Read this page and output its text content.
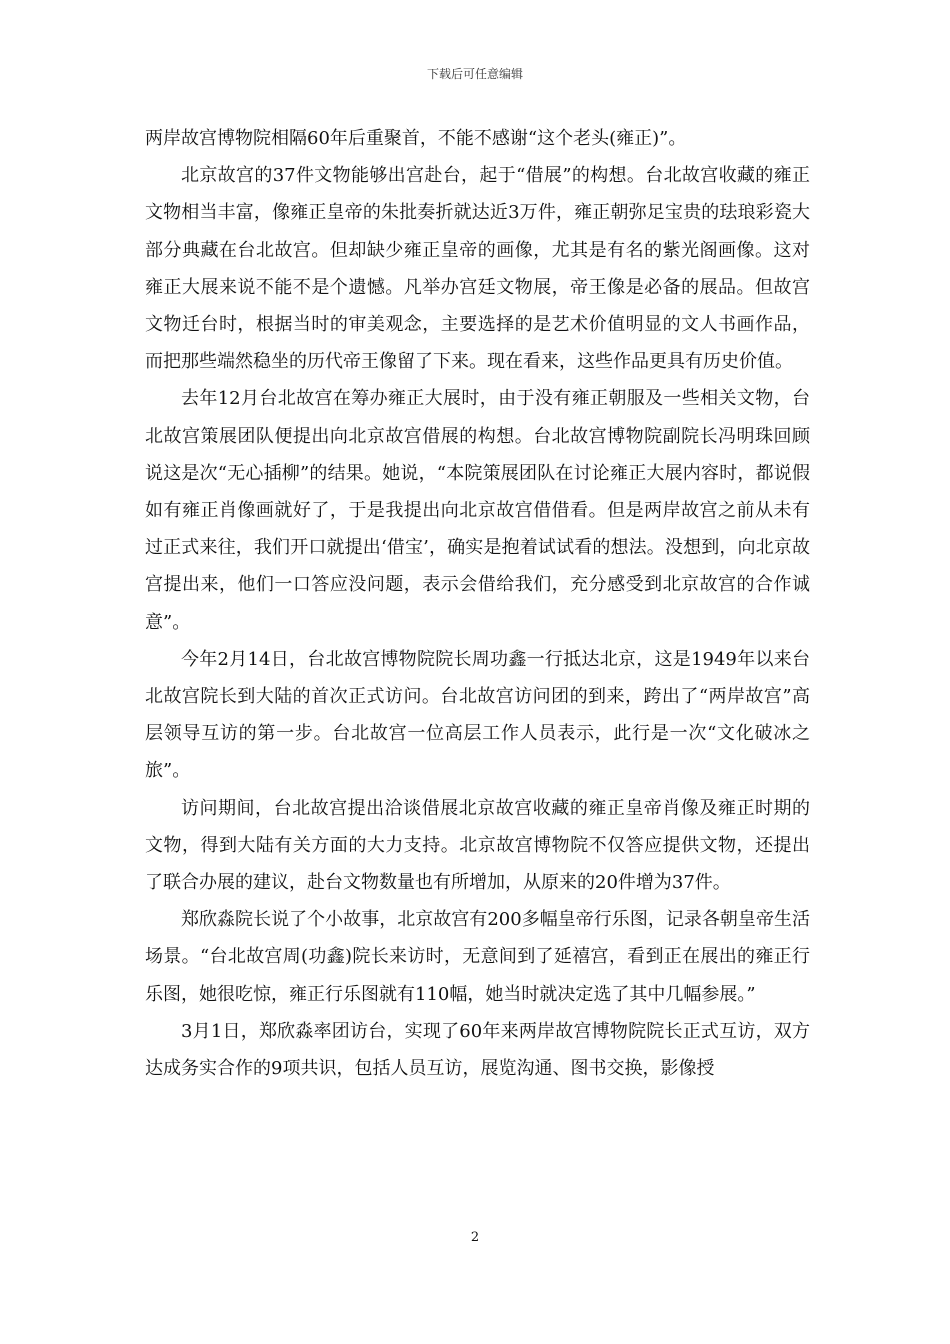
下载后可任意编辑

两岸故宫博物院相隔60年后重聚首，不能不感谢“这个老头(雍正)”。

北京故宫的37件文物能够出宫赴台，起于“借展”的构想。台北故宫收藏的雍正文物相当丰富，像雍正皇帝的朱批奏折就达近3万件，雍正朝弥足宝贵的珐琅彩瓷大部分典藏在台北故宫。但却缺少雍正皇帝的画像，尤其是有名的紫光阁画像。这对雍正大展来说不能不是个遗憾。凡举办宫廷文物展，帝王像是必备的展品。但故宫文物迁台时，根据当时的审美观念，主要选择的是艺术价值明显的文人书画作品，而把那些端然稳坐的历代帝王像留了下来。现在看来，这些作品更具有历史价值。

去年12月台北故宫在筹办雍正大展时，由于没有雍正朝服及一些相关文物，台北故宫策展团队便提出向北京故宫借展的构想。台北故宫博物院副院长冯明珠回顾说这是次“无心插柳”的结果。她说，“本院策展团队在讨论雍正大展内容时，都说假如有雍正肖像画就好了，于是我提出向北京故宫借借看。但是两岸故宫之前从未有过正式来往，我们开口就提出‘借宝’，确实是抱着试试看的想法。没想到，向北京故宫提出来，他们一口答应没问题，表示会借给我们，充分感受到北京故宫的合作诚意”。

今年2月14日，台北故宫博物院院长周功鑫一行抵达北京，这是1949年以来台北故宫院长到大陆的首次正式访问。台北故宫访问团的到来，跨出了“两岸故宫”高层领导互访的第一步。台北故宫一位高层工作人员表示，此行是一次“文化破冰之旅”。

访问期间，台北故宫提出洽谈借展北京故宫收藏的雍正皇帝肖像及雍正时期的文物，得到大陆有关方面的大力支持。北京故宫博物院不仅答应提供文物，还提出了联合办展的建议，赴台文物数量也有所增加，从原来的20件增为37件。

郑欣淼院长说了个小故事，北京故宫有200多幅皇帝行乐图，记录各朝皇帝生活场景。“台北故宫周(功鑫)院长来访时，无意间到了延禧宫，看到正在展出的雍正行乐图，她很吃惊，雍正行乐图就有110幅，她当时就决定选了其中几幅参展。”

3月1日，郑欣淼率团访台，实现了60年来两岸故宫博物院院长正式互访，双方达成务实合作的9项共识，包括人员互访，展览沟通、图书交换，影像授

2
